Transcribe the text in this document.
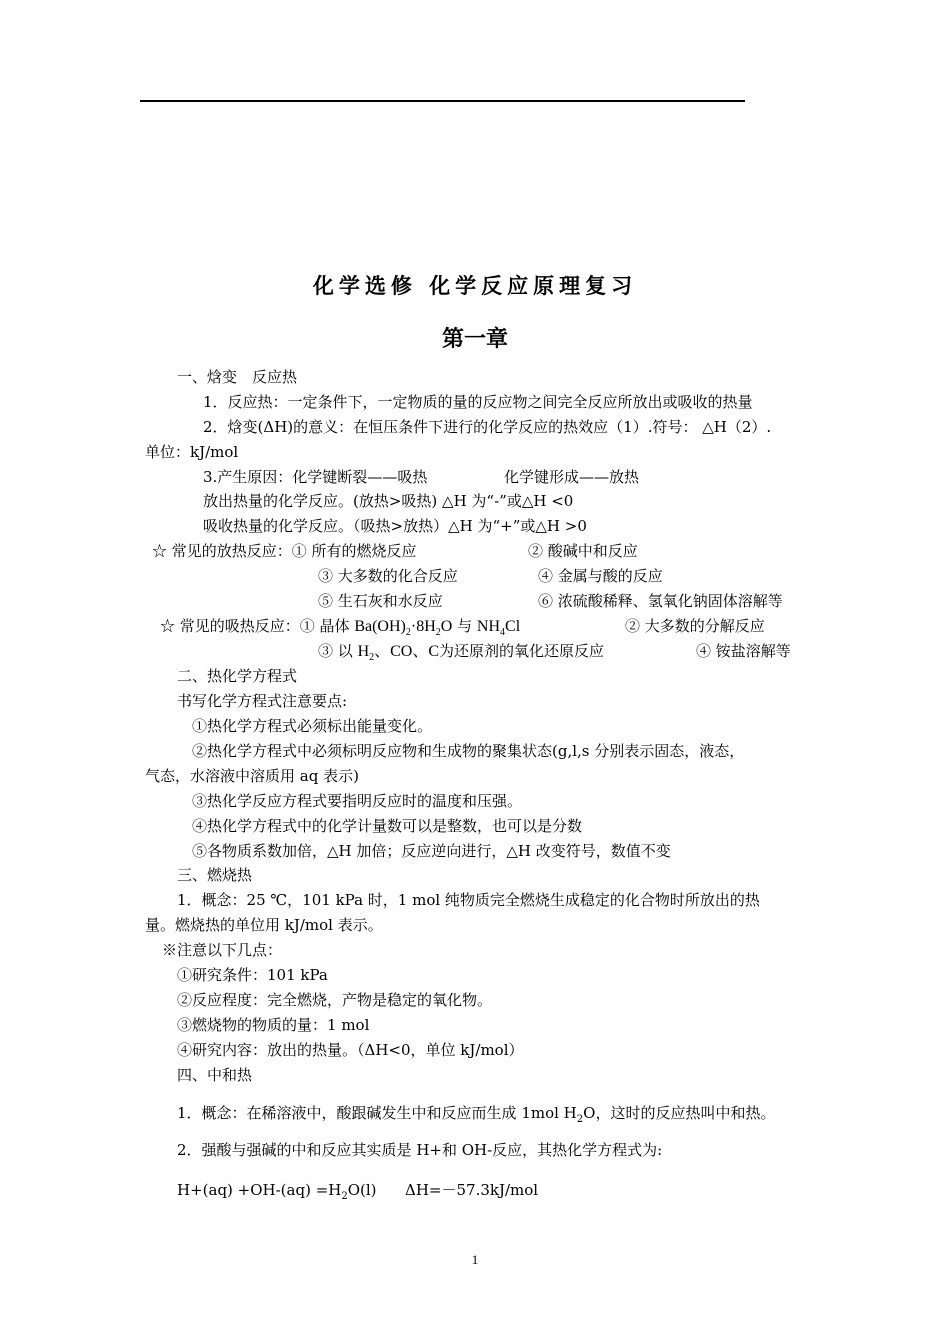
化学选修 化学反应原理复习
第一章
一、焓变　反应热
1．反应热：一定条件下，一定物质的量的反应物之间完全反应所放出或吸收的热量
2．焓变(ΔH)的意义：在恒压条件下进行的化学反应的热效应（1）.符号： △H（2）.
单位：kJ/mol
3.产生原因：化学键断裂——吸热	化学键形成——放热
放出热量的化学反应。(放热>吸热) △H 为“-”或△H <0
吸收热量的化学反应。（吸热>放热）△H 为“+”或△H >0
☆ 常见的放热反应：① 所有的燃烧反应	② 酸碱中和反应
③ 大多数的化合反应	④ 金属与酸的反应
⑤ 生石灰和水反应	⑥ 浓硫酸稀释、氢氧化钠固体溶解等
☆ 常见的吸热反应：① 晶体 $Ba(OH)_2\cdot 8H_2O$ 与 $NH_4Cl$	② 大多数的分解反应
③ 以 $H_2$、CO、C为还原剂的氧化还原反应	④ 铵盐溶解等
二、热化学方程式
书写化学方程式注意要点:
①热化学方程式必须标出能量变化。
②热化学方程式中必须标明反应物和生成物的聚集状态(g,l,s 分别表示固态，液态，
气态，水溶液中溶质用 aq 表示)
③热化学反应方程式要指明反应时的温度和压强。
④热化学方程式中的化学计量数可以是整数，也可以是分数
⑤各物质系数加倍，△H 加倍；反应逆向进行，△H 改变符号，数值不变
三、燃烧热
1．概念：25 ℃，101 kPa 时，1 mol 纯物质完全燃烧生成稳定的化合物时所放出的热
量。燃烧热的单位用 kJ/mol 表示。
※注意以下几点：
①研究条件：101 kPa
②反应程度：完全燃烧，产物是稳定的氧化物。
③燃烧物的物质的量：1 mol
④研究内容：放出的热量。（ΔH<0，单位 kJ/mol）
四、中和热
1．概念：在稀溶液中，酸跟碱发生中和反应而生成 1mol $H_2O$，这时的反应热叫中和热。
2．强酸与强碱的中和反应其实质是 H+和 OH-反应，其热化学方程式为:
$H+(aq) +OH-(aq) =H_2O(l)$ ΔH=－57.3kJ/mol
1
